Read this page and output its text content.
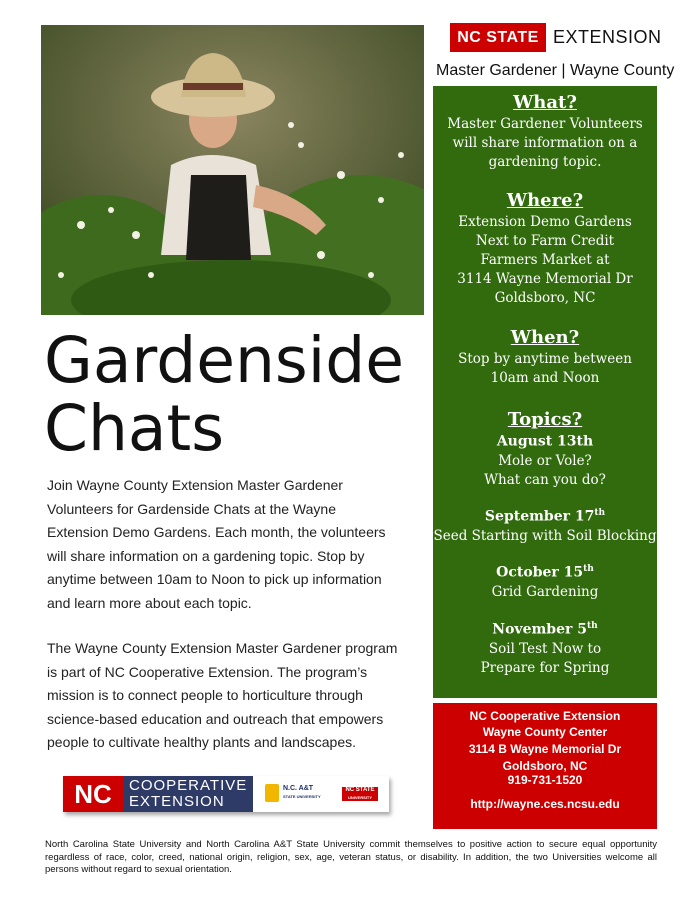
NC STATE EXTENSION
Master Gardener | Wayne County
What?
Master Gardener Volunteers
will share information on a
gardening topic.
Where?
Extension Demo Gardens
Next to Farm Credit
Farmers Market at
3114 Wayne Memorial Dr
Goldsboro, NC
When?
Stop by anytime between
10am and Noon
Topics?
August 13th
Mole or Vole?
What can you do?
September 17th
Seed Starting with Soil Blocking
October 15th
Grid Gardening
November 5th
Soil Test Now to
Prepare for Spring
NC Cooperative Extension
Wayne County Center
3114 B Wayne Memorial Dr
Goldsboro, NC
919-731-1520
http://wayne.ces.ncsu.edu
Gardenside
Chats
Join Wayne County Extension Master Gardener
Volunteers for Gardenside Chats at the Wayne
Extension Demo Gardens. Each month, the volunteers
will share information on a gardening topic. Stop by
anytime between 10am to Noon to pick up information
and learn more about each topic.
The Wayne County Extension Master Gardener program
is part of NC Cooperative Extension. The program’s
mission is to connect people to horticulture through
science-based education and outreach that empowers
people to cultivate healthy plants and landscapes.
NC	COOPERATIVE
EXTENSION
N.C. A&T
STATE UNIVERSITY
NC STATE
UNIVERSITY
North Carolina State University and North Carolina A&T State University commit themselves to positive action to secure equal opportunity regardless of race, color, creed, national origin, religion, sex, age, veteran status, or disability. In addition, the two Universities welcome all persons without regard to sexual orientation.
